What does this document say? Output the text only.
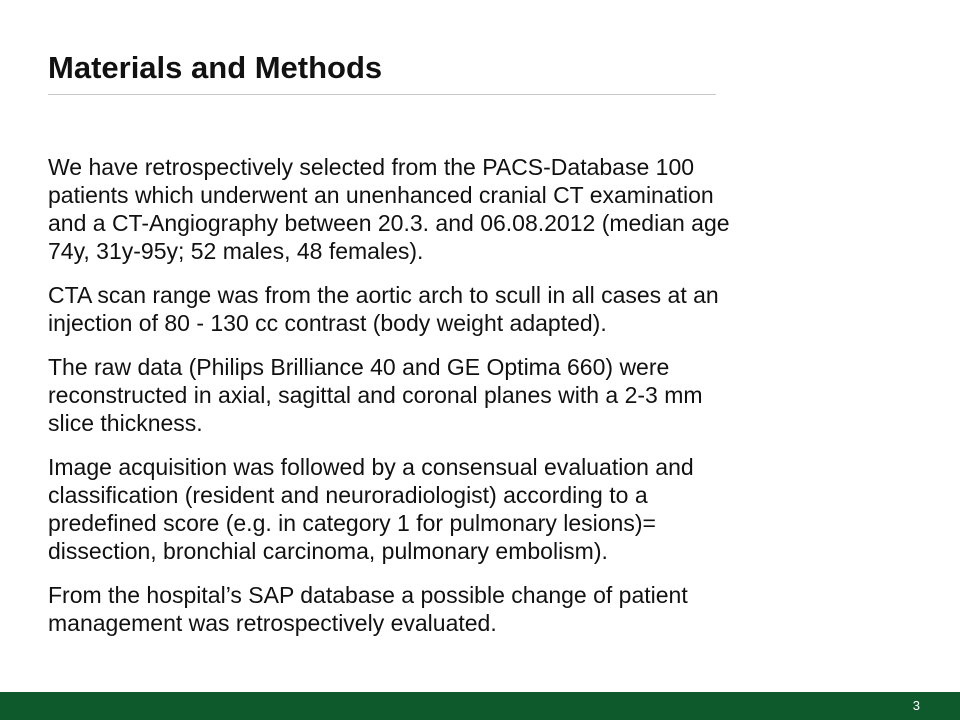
Materials and Methods

We have retrospectively selected from the PACS-Database 100
patients which underwent an unenhanced cranial CT examination
and a CT-Angiography between 20.3. and 06.08.2012 (median age
74y, 31y-95y; 52 males, 48 females).

CTA scan range was from the aortic arch to scull in all cases at an
injection of 80 - 130 cc contrast (body weight adapted).

The raw data (Philips Brilliance 40 and GE Optima 660) were
reconstructed in axial, sagittal and coronal planes with a 2-3 mm
slice thickness.

Image acquisition was followed by a consensual evaluation and
classification (resident and neuroradiologist) according to a
predefined score (e.g. in category 1 for pulmonary lesions)=
dissection, bronchial carcinoma, pulmonary embolism).

From the hospital’s SAP database a possible change of patient
management was retrospectively evaluated.

3
